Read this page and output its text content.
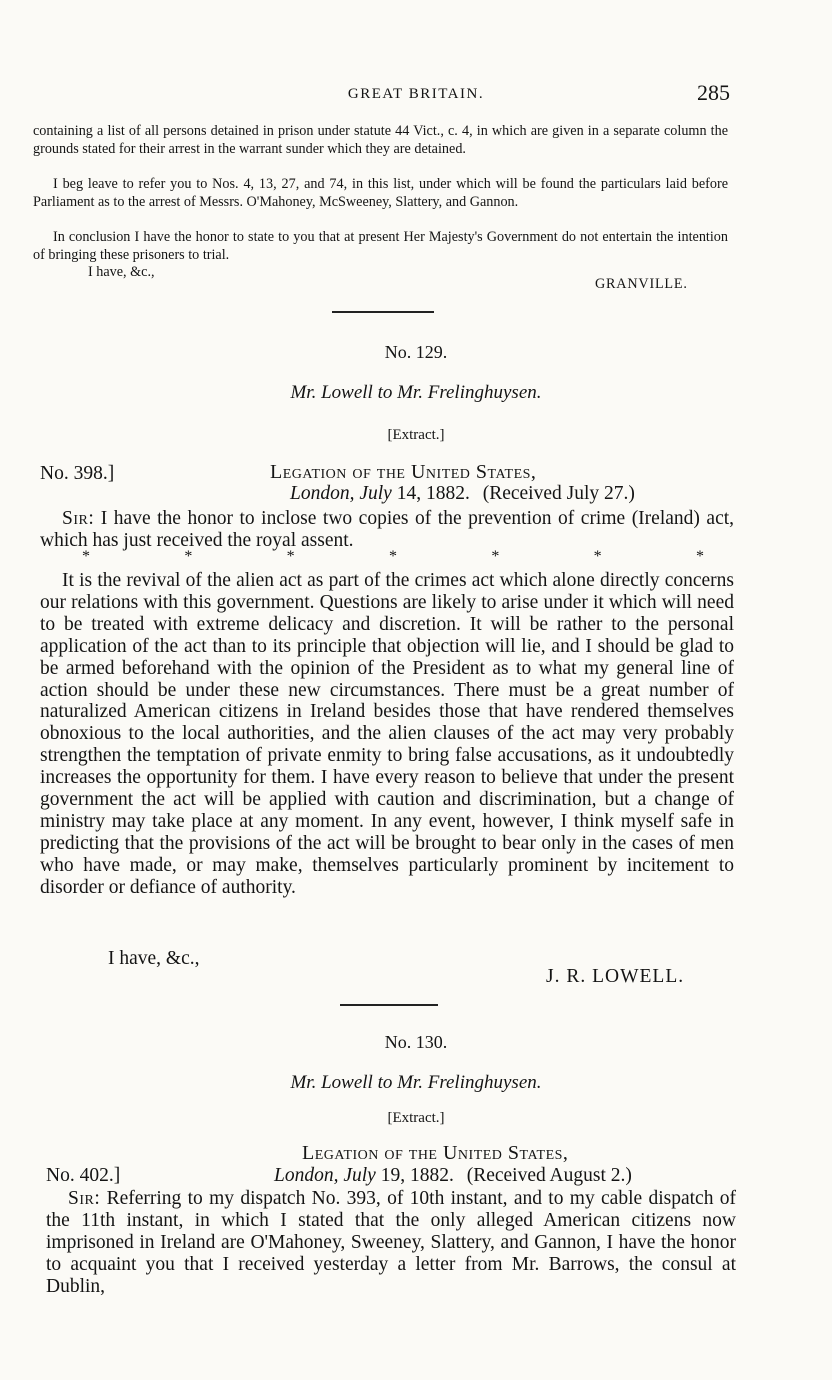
GREAT BRITAIN.	285

containing a list of all persons detained in prison under statute 44 Vict., c. 4, in which are given in a separate column the grounds stated for their arrest in the warrant sunder which they are detained.

I beg leave to refer you to Nos. 4, 13, 27, and 74, in this list, under which will be found the particulars laid before Parliament as to the arrest of Messrs. O'Mahoney, McSweeney, Slattery, and Gannon.

In conclusion I have the honor to state to you that at present Her Majesty's Government do not entertain the intention of bringing these prisoners to trial.

I have, &c.,
GRANVILLE.
No. 129.
Mr. Lowell to Mr. Frelinghuysen.
[Extract.]
No. 398.]	Legation of the United States,
London, July 14, 1882. (Received July 27.)

Sir: I have the honor to inclose two copies of the prevention of crime (Ireland) act, which has just received the royal assent.

*	*	*	*	*	*	*

It is the revival of the alien act as part of the crimes act which alone directly concerns our relations with this government. Questions are likely to arise under it which will need to be treated with extreme delicacy and discretion. It will be rather to the personal application of the act than to its principle that objection will lie, and I should be glad to be armed beforehand with the opinion of the President as to what my general line of action should be under these new circumstances. There must be a great number of naturalized American citizens in Ireland besides those that have rendered themselves obnoxious to the local authorities, and the alien clauses of the act may very probably strengthen the temptation of private enmity to bring false accusations, as it undoubtedly increases the opportunity for them. I have every reason to believe that under the present government the act will be applied with caution and discrimination, but a change of ministry may take place at any moment. In any event, however, I think myself safe in predicting that the provisions of the act will be brought to bear only in the cases of men who have made, or may make, themselves particularly prominent by incitement to disorder or defiance of authority.

I have, &c.,
J. R. LOWELL.
No. 130.
Mr. Lowell to Mr. Frelinghuysen.
[Extract.]
Legation of the United States,
No. 402.]	London, July 19, 1882. (Received August 2.)

Sir: Referring to my dispatch No. 393, of 10th instant, and to my cable dispatch of the 11th instant, in which I stated that the only alleged American citizens now imprisoned in Ireland are O'Mahoney, Sweeney, Slattery, and Gannon, I have the honor to acquaint you that I received yesterday a letter from Mr. Barrows, the consul at Dublin,
